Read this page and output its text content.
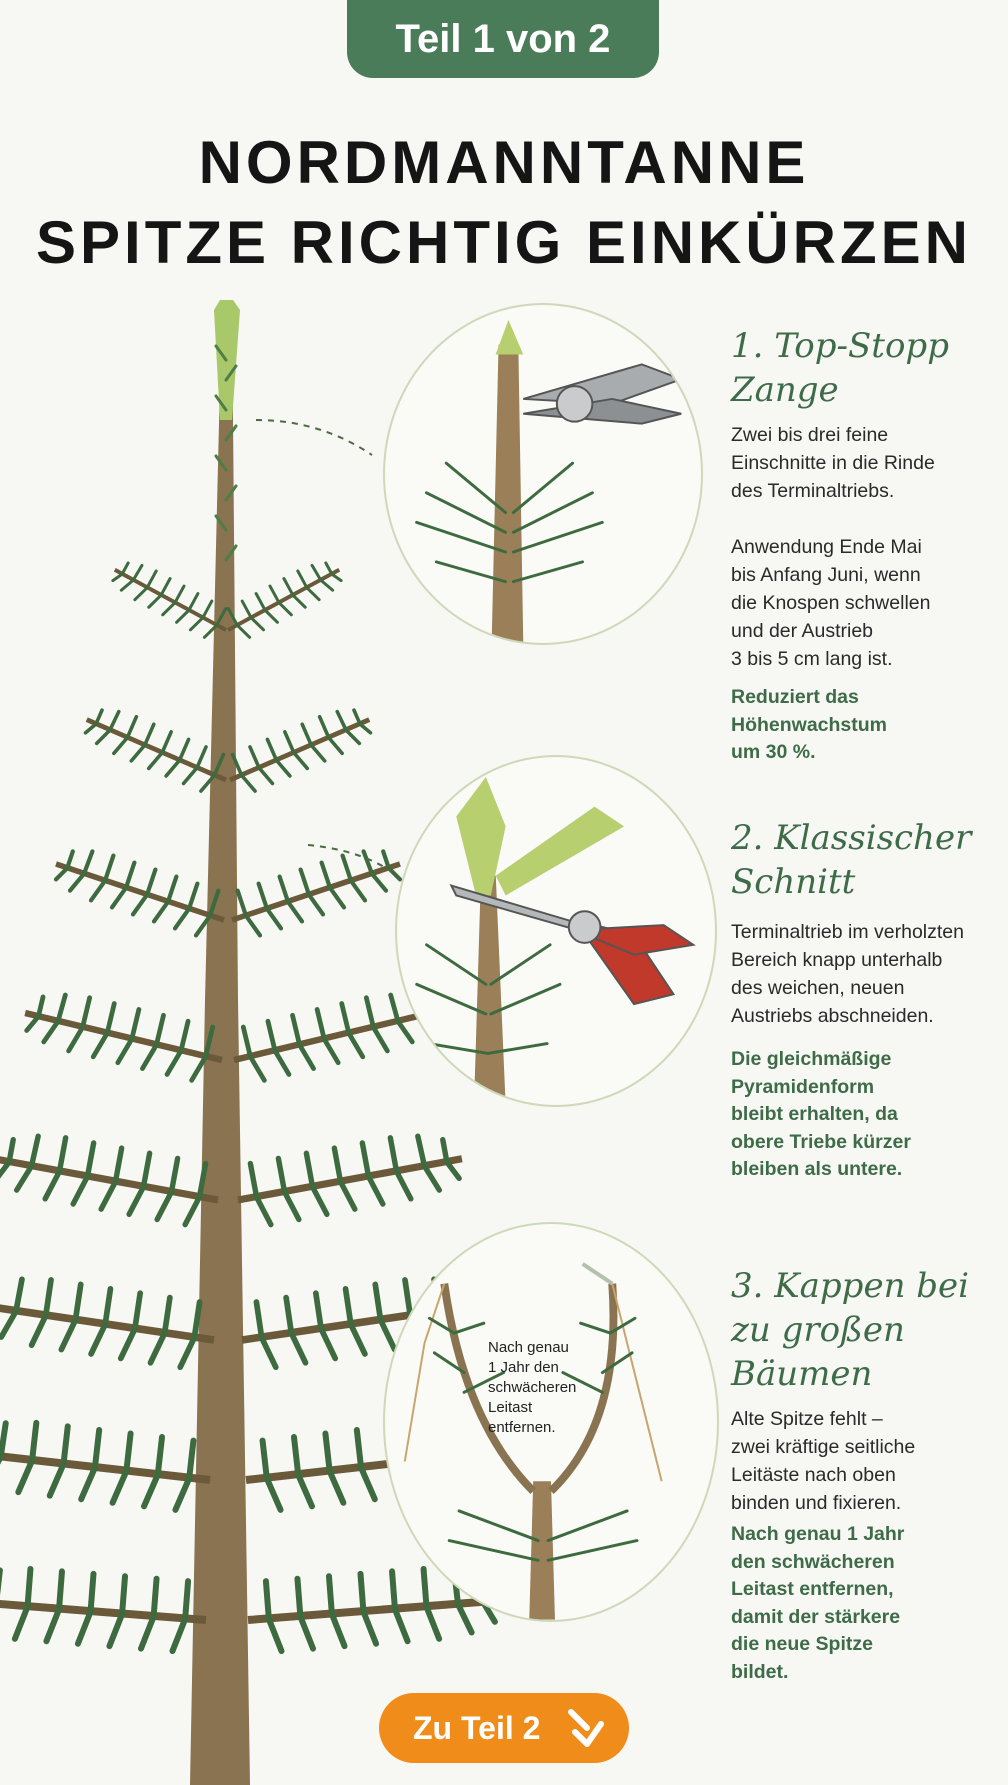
Teil 1 von 2
NORDMANNTANNE
SPITZE RICHTIG EINKÜRZEN
Nach genau
1 Jahr den
schwächeren
Leitast
entfernen.
1. Top-Stopp
Zange
Zwei bis drei feine
Einschnitte in die Rinde
des Terminaltriebs.
Anwendung Ende Mai
bis Anfang Juni, wenn
die Knospen schwellen
und der Austrieb
3 bis 5 cm lang ist.
Reduziert das
Höhenwachstum
um 30 %.
2. Klassischer
Schnitt
Terminaltrieb im verholzten
Bereich knapp unterhalb
des weichen, neuen
Austriebs abschneiden.
Die gleichmäßige
Pyramidenform
bleibt erhalten, da
obere Triebe kürzer
bleiben als untere.
3. Kappen bei
zu großen
Bäumen
Alte Spitze fehlt –
zwei kräftige seitliche
Leitäste nach oben
binden und fixieren.
Nach genau 1 Jahr
den schwächeren
Leitast entfernen,
damit der stärkere
die neue Spitze
bildet.
Zu Teil 2
